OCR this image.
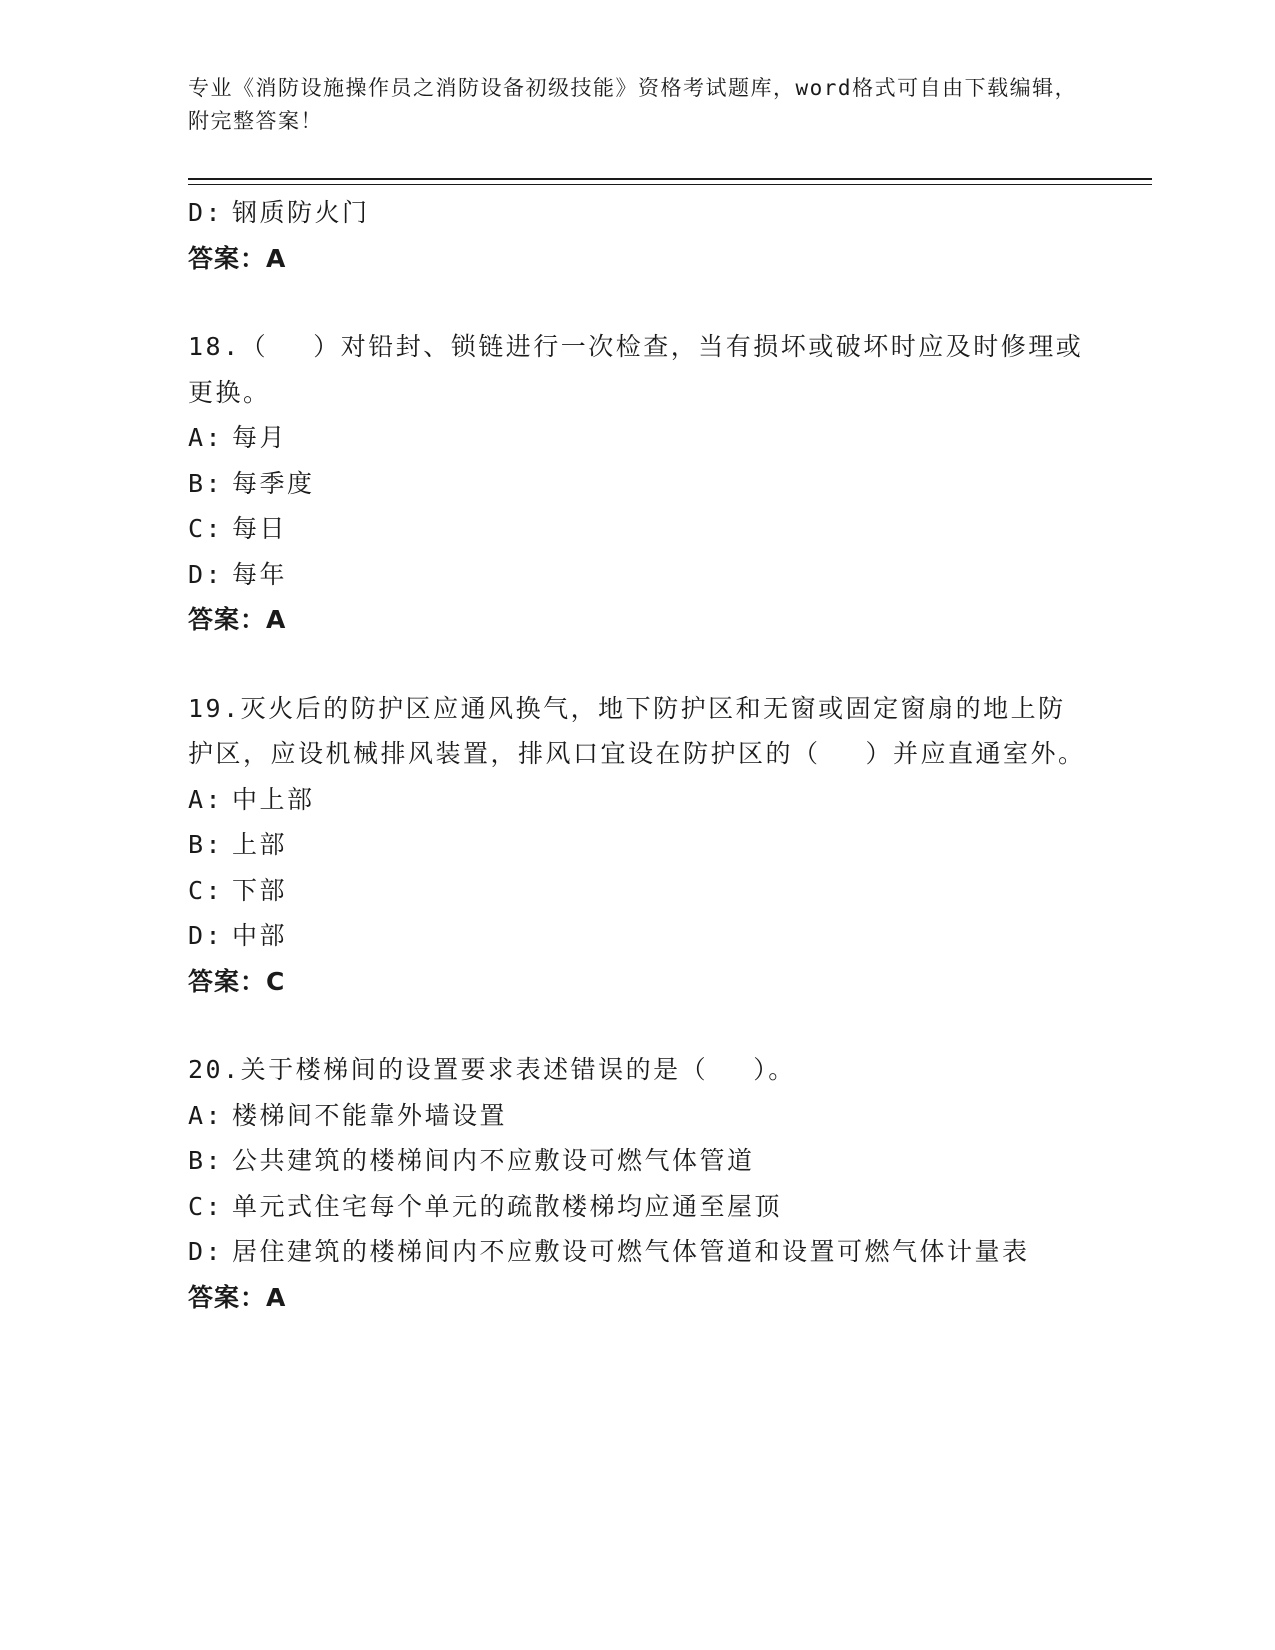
专业《消防设施操作员之消防设备初级技能》资格考试题库，word格式可自由下载编辑，附完整答案！
D: 钢质防火门
答案：A
18.（　 ）对铅封、锁链进行一次检查，当有损坏或破坏时应及时修理或更换。
A: 每月
B: 每季度
C: 每日
D: 每年
答案：A
19.灭火后的防护区应通风换气，地下防护区和无窗或固定窗扇的地上防护区，应设机械排风装置，排风口宜设在防护区的（　 ）并应直通室外。
A: 中上部
B: 上部
C: 下部
D: 中部
答案：C
20.关于楼梯间的设置要求表述错误的是（　 ）。
A: 楼梯间不能靠外墙设置
B: 公共建筑的楼梯间内不应敷设可燃气体管道
C: 单元式住宅每个单元的疏散楼梯均应通至屋顶
D: 居住建筑的楼梯间内不应敷设可燃气体管道和设置可燃气体计量表
答案：A
